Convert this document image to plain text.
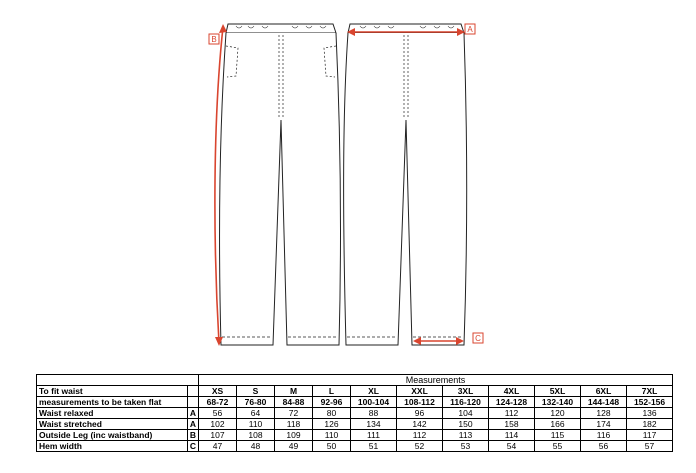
B
A
C
		Measurements										
To fit waist		XS	S	M	L	XL	XXL	3XL	4XL	5XL	6XL	7XL
measurements to be taken flat		68-72	76-80	84-88	92-96	100-104	108-112	116-120	124-128	132-140	144-148	152-156
Waist relaxed	A	56	64	72	80	88	96	104	112	120	128	136
Waist stretched	A	102	110	118	126	134	142	150	158	166	174	182
Outside Leg (inc waistband)	B	107	108	109	110	111	112	113	114	115	116	117
Hem width	C	47	48	49	50	51	52	53	54	55	56	57
